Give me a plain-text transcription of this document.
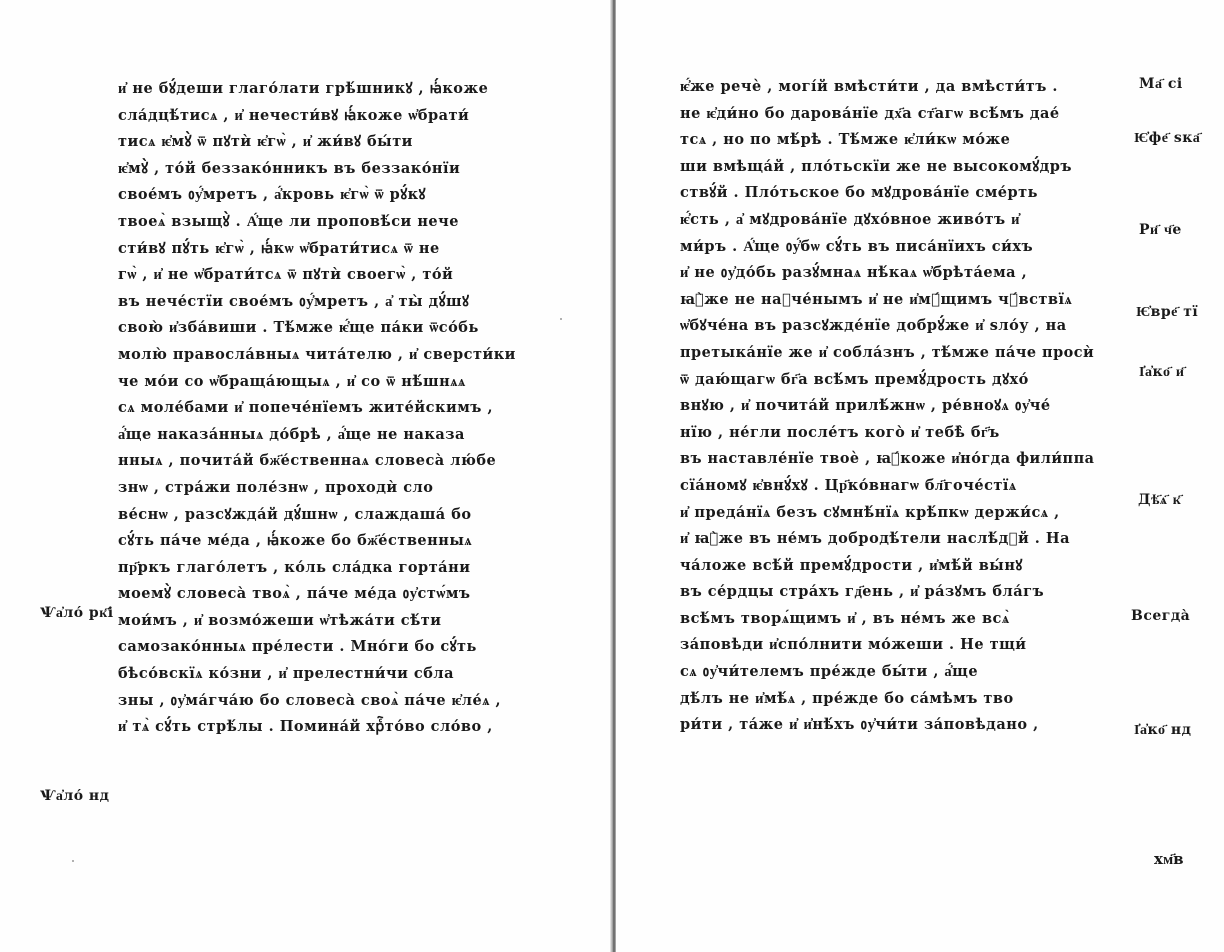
и҆ не бꙋ́деши глаго́лати грѣ́шникꙋ , ꙗ҆́коже
сла́дцѣ́тисѧ , и҆ нечести́вꙋ ꙗ҆́коже ѡ҆брати́
тисѧ ѥ҆мꙋ̀ ѿ пꙋтѝ ѥ҆гѡ̀ , и҆ жи́вꙋ бы́ти
ѥ҆мꙋ̀ , то́й беззако́нникъ въ беззако́нїи
свое́мъ ᲂу҆́мретъ , а҆́кровь ѥ҆гѡ̀ ѿ рꙋ́кꙋ
твоеѧ̀ взыщꙋ̀ . А҆́ще ли проповѣ́си нече
сти́вꙋ пꙋ́ть ѥ҆гѡ̀ , ꙗ҆́кѡ ѡ҆брати́тисѧ ѿ не
гѡ̀ , и҆ не ѡ҆брати́тсѧ ѿ пꙋтѝ своегѡ̀ , то́й
въ нече́стїи свое́мъ ᲂу҆́мретъ , а҆ ты̀ дꙋ́шꙋ
свою̀ и҆зба́виши . Тѣ́мже ѥ҆́ще па́ки ѿсо́бь
молю̀ правосла́вныѧ чита́телю , и҆ сверсти́ки
че мо́и со ѡ҆браща́ющыѧ , и҆ со ѿ нѣ́шнѧѧ
сѧ моле́бами и҆ попече́нїемъ жите́йскимъ ,
а҆́ще наказа́нныѧ до́брѣ , а҆́ще не наказа
нныѧ , почита́й бж҃е́ственнаѧ словеса̀ лю́бе
знѡ , стра́жи поле́знѡ , проходѝ сло
ве́снѡ , разсꙋжда́й дꙋ́шнѡ , слаждаша́ бо
сꙋ́ть па́че ме́да , ꙗ҆́коже бо бж҃е́ственныѧ
пр҃ркъ глаго́летъ , ко́ль сла́дка горта́ни
моемꙋ̀ словеса̀ твоѧ̀ , па́че ме́да ᲂу҆стѡ́мъ
мои́мъ , и҆ возмо́жеши ѡ҆тѣжа́ти сѣ́ти
самозако́нныѧ пре́лести . Мно́ги бо сꙋ́ть
бѣсо́вскїѧ ко́зни , и҆ прелестни́чи сбла
зны , ᲂу҆ма́гча́ю бо словеса̀ своѧ̀ па́че ѥ҆ле́ѧ ,
и҆ тѧ̀ сꙋ́ть стрѣ́лы . Помина́й хрⷭ҇то́во сло́во ,
Ѱа҆ло́ рк҃і
Ѱа҆ло́ нд
ѥ҆́же речѐ , могі́й вмѣсти́ти , да вмѣсти́тъ .
не ѥ҆ди́но бо дарова́нїе дх҃а ст҃агѡ всѣ́мъ дае́
тсѧ , но по мѣ́рѣ . Тѣ́мже ѥ҆ли́кѡ мо́же
ши вмѣща́й , пло́тьскїи же не высокомꙋ́дръ
ствꙋ́й . Пло́тьское бо мꙋдрова́нїе сме́рть
ѥ҆́сть , а҆ мꙋдрова́нїе дꙋхо́вное живо́тъ и҆
ми́ръ . А҆́ще ᲂу҆́бѡ сꙋ́ть въ писа́нїихъ си́хъ
и҆ не ᲂу҆до́бь разꙋ́мнаѧ нѣ́каѧ ѡ҆брѣта́ема ,
ꙗ҆̀же не наꙋче́нымъ и҆ не и҆мꙋ́щимъ чꙋ́вствїѧ
ѡ҆бꙋче́на въ разсꙋжде́нїе добрꙋ́же и҆ ѕло́у , на
претыка́нїе же и҆ собла́знъ , тѣ́мже па́че просѝ
ѿ даю́щагѡ бг҃а всѣ́мъ премꙋ́дрость дꙋхо́
внꙋю , и҆ почита́й прилѣ́жнѡ , ре́вноꙋѧ ᲂу҆че́
нїю , не́гли после́тъ кого̀ и҆ тебѣ̀ бг҃ъ
въ наставле́нїе твоѐ , ꙗ҆́коже и҆но́гда фили́ппа
сїа́номꙋ ѥ҆внꙋ́хꙋ . Цр҃ко́внагѡ бл҃гоче́стїѧ
и҆ преда́нїѧ безъ сꙋмнѣ́нїѧ крѣ́пкѡ держи́сѧ ,
и҆ ꙗ҆̀же въ не́мъ добродѣ́тели наслѣ́дꙋй . На
ча́ложе всѣ́й премꙋ́дрости , и҆мѣ́й вы́нꙋ
въ се́рдцы стра́хъ гд҃ень , и҆ ра́зꙋмъ бла́гъ
всѣ́мъ творѧ́щимъ и҆ , въ не́мъ же всѧ̀
за́повѣди и҆спо́лнити мо́жеши . Не тщи́
сѧ ᲂу҆чи́телемъ пре́жде бы́ти , а҆́ще
дѣ́лъ не и҆мѣ́ѧ , пре́жде бо са́мѣмъ тво
ри́ти , та́же и҆ и҆нѣ́хъ ᲂу҆чи́ти за́повѣдано ,
Ма҃ сі
Ѥ҆фе҃ ѕка҃
Ри҃ ч҃е
Ѥ҆вре҃ тї
І҆а҆ко҃ и҃
Дѣ҃ѧ҃ к҃
Всегда̀
І҆а҆ко҃ нд
хм҃в
